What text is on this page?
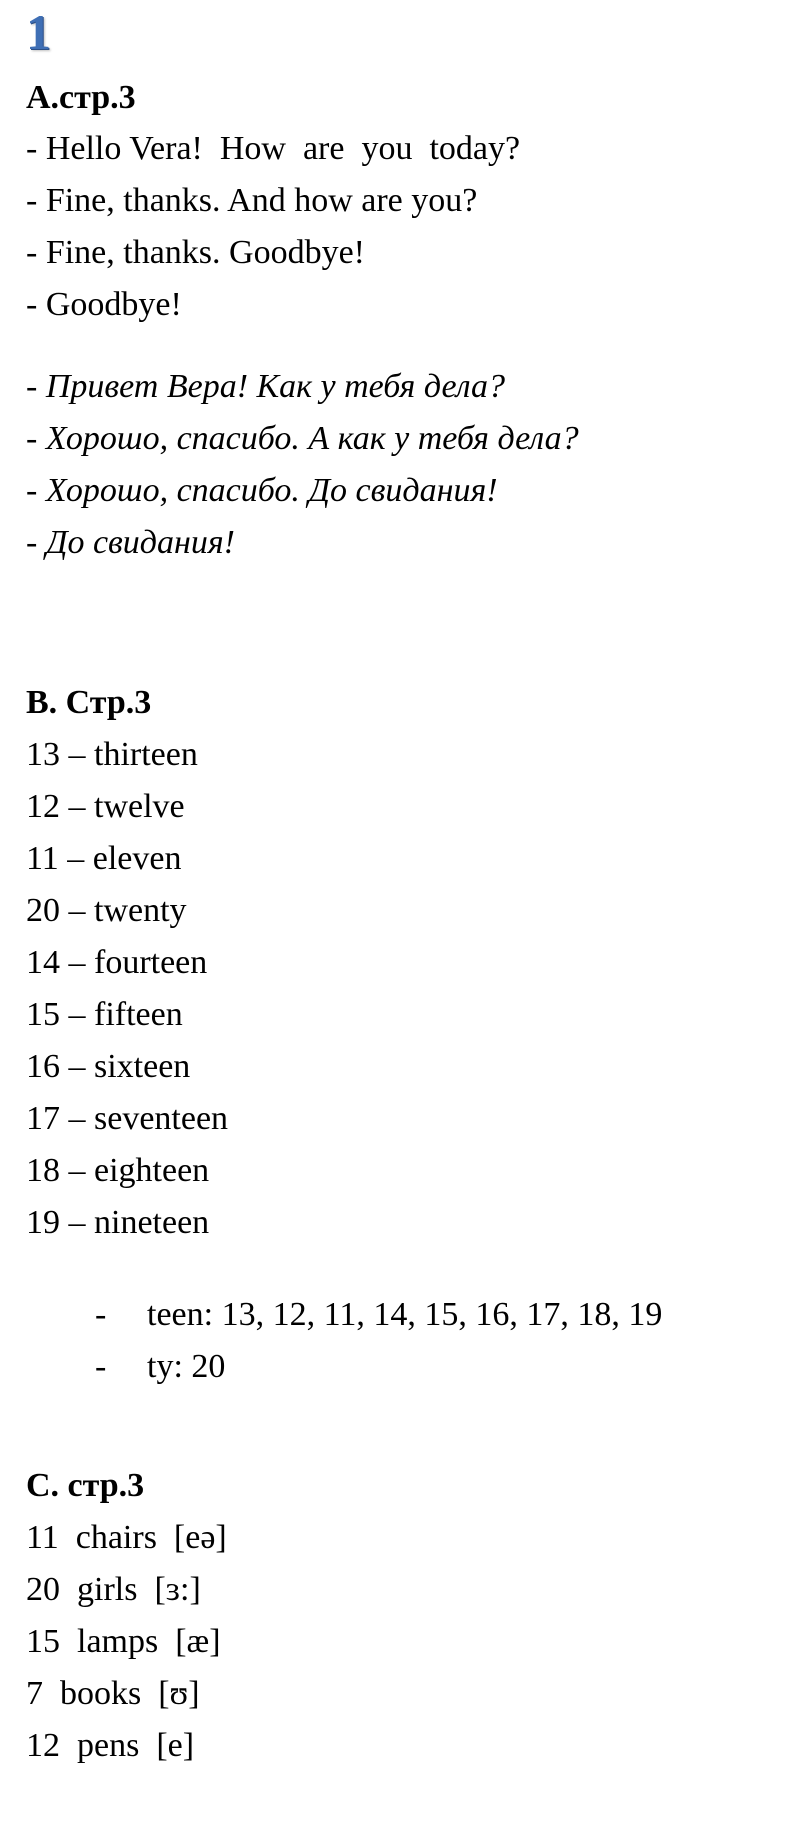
1
A.стр.3
- Hello Vera!  How  are  you  today?
- Fine, thanks. And how are you?
- Fine, thanks. Goodbye!
- Goodbye!
- Привет Вера! Как у тебя дела?
- Хорошо, спасибо. А как у тебя дела?
- Хорошо, спасибо. До свидания!
- До свидания!
B. Стр.3
13 – thirteen
12 – twelve
11 – eleven
20 – twenty
14 – fourteen
15 – fifteen
16 – sixteen
17 – seventeen
18 – eighteen
19 – nineteen

- teen: 13, 12, 11, 14, 15, 16, 17, 18, 19

- ty: 20

C. стр.3
11  chairs  [eə]
20  girls  [ɜ:]
15  lamps  [æ]
7  books  [ʊ]
12  pens  [e]
